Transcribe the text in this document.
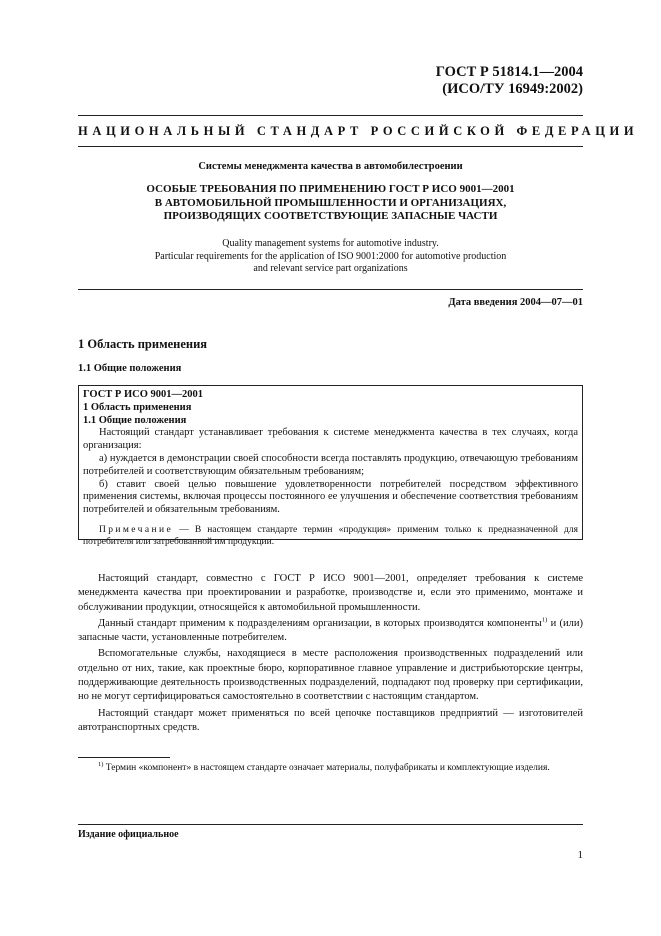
ГОСТ Р 51814.1—2004
(ИСО/ТУ 16949:2002)
НАЦИОНАЛЬНЫЙ СТАНДАРТ РОССИЙСКОЙ ФЕДЕРАЦИИ
Системы менеджмента качества в автомобилестроении
ОСОБЫЕ ТРЕБОВАНИЯ ПО ПРИМЕНЕНИЮ ГОСТ Р ИСО 9001—2001
В АВТОМОБИЛЬНОЙ ПРОМЫШЛЕННОСТИ И ОРГАНИЗАЦИЯХ,
ПРОИЗВОДЯЩИХ СООТВЕТСТВУЮЩИЕ ЗАПАСНЫЕ ЧАСТИ
Quality management systems for automotive industry.
Particular requirements for the application of ISO 9001:2000 for automotive production
and relevant service part organizations
Дата введения 2004—07—01
1 Область применения
1.1 Общие положения
ГОСТ Р ИСО 9001—2001
1 Область применения
1.1 Общие положения
Настоящий стандарт устанавливает требования к системе менеджмента качества в тех случаях, когда организация:
а) нуждается в демонстрации своей способности всегда поставлять продукцию, отвечающую требованиям потребителей и соответствующим обязательным требованиям;
б) ставит своей целью повышение удовлетворенности потребителей посредством эффективного применения системы, включая процессы постоянного ее улучшения и обеспечение соответствия требованиям потребителей и обязательным требованиям.
Примечание — В настоящем стандарте термин «продукция» применим только к предназначенной для потребителя или затребованной им продукции.

Настоящий стандарт, совместно с ГОСТ Р ИСО 9001—2001, определяет требования к системе менеджмента качества при проектировании и разработке, производстве и, если это применимо, монтаже и обслуживании продукции, относящейся к автомобильной промышленности.

Данный стандарт применим к подразделениям организации, в которых производятся компоненты$^{1)}$ и (или) запасные части, установленные потребителем.

Вспомогательные службы, находящиеся в месте расположения производственных подразделений или отдельно от них, такие, как проектные бюро, корпоративное главное управление и дистрибьюторские центры, поддерживающие деятельность производственных подразделений, подпадают под проверку при сертификации, но не могут сертифицироваться самостоятельно в соответствии с настоящим стандартом.

Настоящий стандарт может применяться по всей цепочке поставщиков предприятий — изготовителей автотранспортных средств.

$^{1)}$ Термин «компонент» в настоящем стандарте означает материалы, полуфабрикаты и комплектующие изделия.
Издание официальное
1
